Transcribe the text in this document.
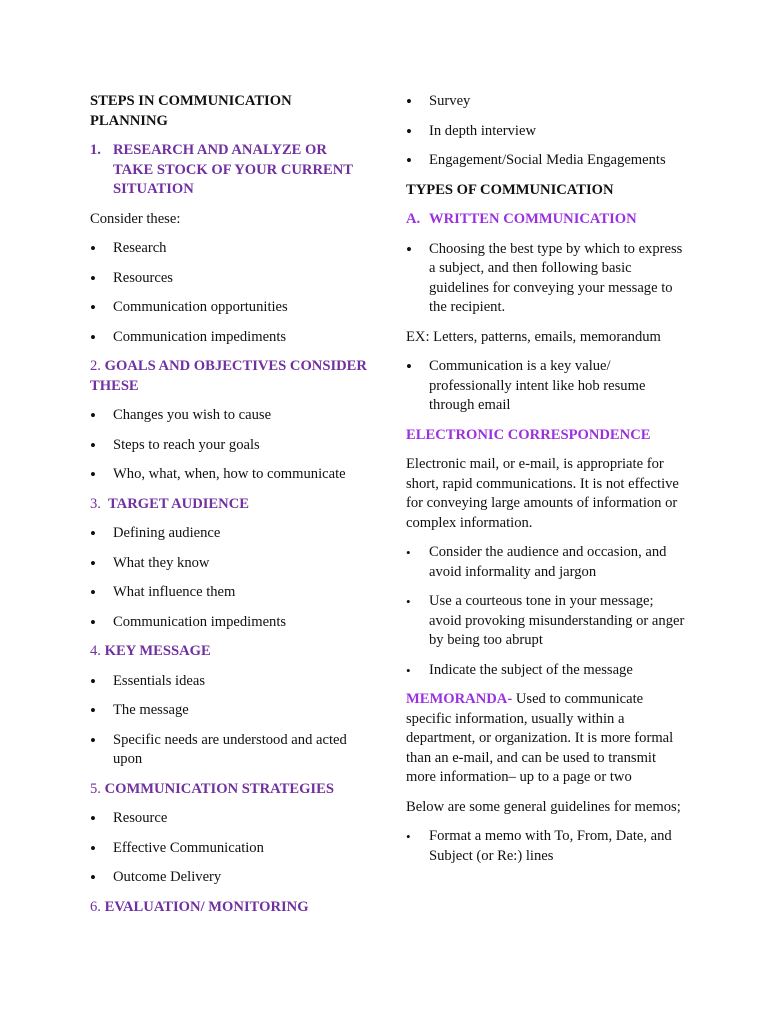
STEPS IN COMMUNICATION PLANNING
1. RESEARCH AND ANALYZE OR TAKE STOCK OF YOUR CURRENT SITUATION

Consider these:

• Research
• Resources
• Communication opportunities
• Communication impediments
2. GOALS AND OBJECTIVES CONSIDER THESE
• Changes you wish to cause
• Steps to reach your goals
• Who, what, when, how to communicate
3. TARGET AUDIENCE
• Defining audience
• What they know
• What influence them
• Communication impediments
4. KEY MESSAGE
• Essentials ideas
• The message
• Specific needs are understood and acted upon
5. COMMUNICATION STRATEGIES
• Resource
• Effective Communication
• Outcome Delivery
6. EVALUATION/ MONITORING
• Survey
• In depth interview
• Engagement/Social Media Engagements
TYPES OF COMMUNICATION
A. WRITTEN COMMUNICATION
• Choosing the best type by which to express a subject, and then following basic guidelines for conveying your message to the recipient.

EX: Letters, patterns, emails, memorandum

• Communication is a key value/ professionally intent like hob resume through email
ELECTRONIC CORRESPONDENCE

Electronic mail, or e-mail, is appropriate for short, rapid communications. It is not effective for conveying large amounts of information or complex information.

• Consider the audience and occasion, and avoid informality and jargon
• Use a courteous tone in your message; avoid provoking misunderstanding or anger by being too abrupt
• Indicate the subject of the message

MEMORANDA- Used to communicate specific information, usually within a department, or organization. It is more formal than an e-mail, and can be used to transmit more information– up to a page or two

Below are some general guidelines for memos;

• Format a memo with To, From, Date, and Subject (or Re:) lines
